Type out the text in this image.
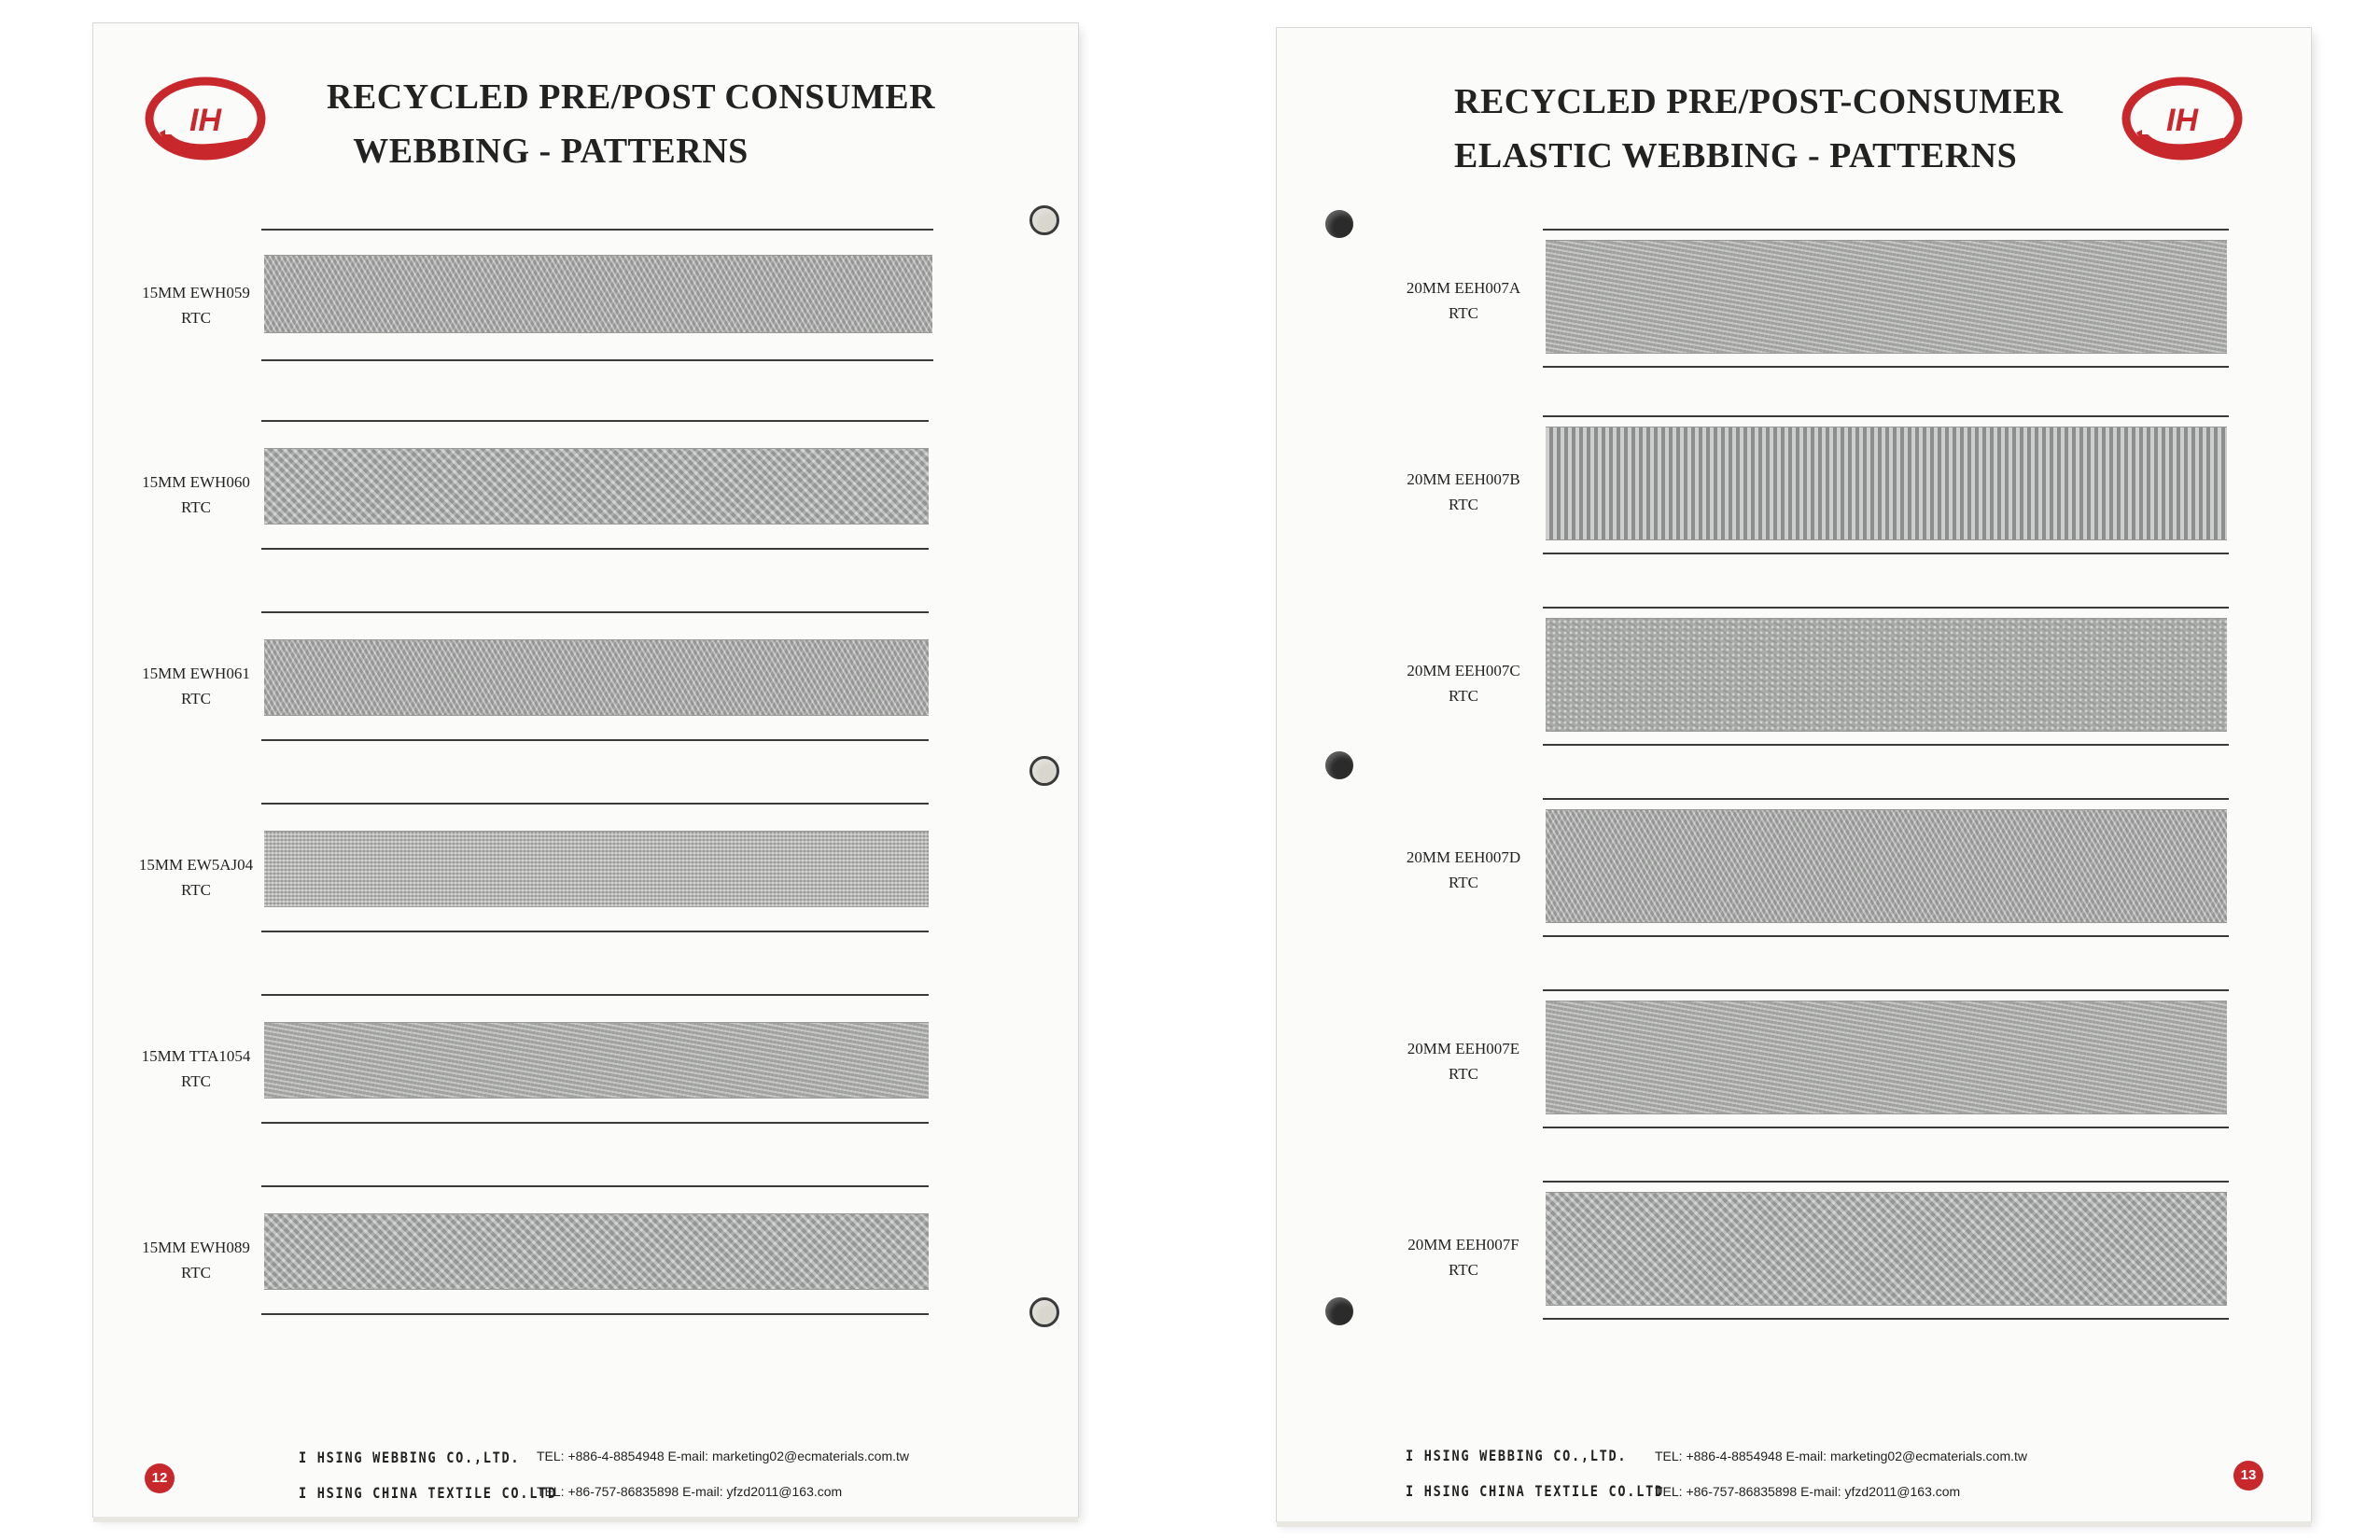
IH
RECYCLED PRE/POST CONSUMER
WEBBING - PATTERNS
15MM EWH059
RTC
15MM EWH060
RTC
15MM EWH061
RTC
15MM EW5AJ04
RTC
15MM TTA1054
RTC
15MM EWH089
RTC
12
I HSING WEBBING CO.,LTD.
I HSING CHINA TEXTILE CO.LTD
TEL: +886-4-8854948 E-mail: marketing02@ecmaterials.com.tw
TEL: +86-757-86835898 E-mail: yfzd2011@163.com
IH
RECYCLED PRE/POST-CONSUMER
ELASTIC WEBBING - PATTERNS
20MM EEH007A
RTC
20MM EEH007B
RTC
20MM EEH007C
RTC
20MM EEH007D
RTC
20MM EEH007E
RTC
20MM EEH007F
RTC
I HSING WEBBING CO.,LTD.
I HSING CHINA TEXTILE CO.LTD
TEL: +886-4-8854948 E-mail: marketing02@ecmaterials.com.tw
TEL: +86-757-86835898 E-mail: yfzd2011@163.com
13
